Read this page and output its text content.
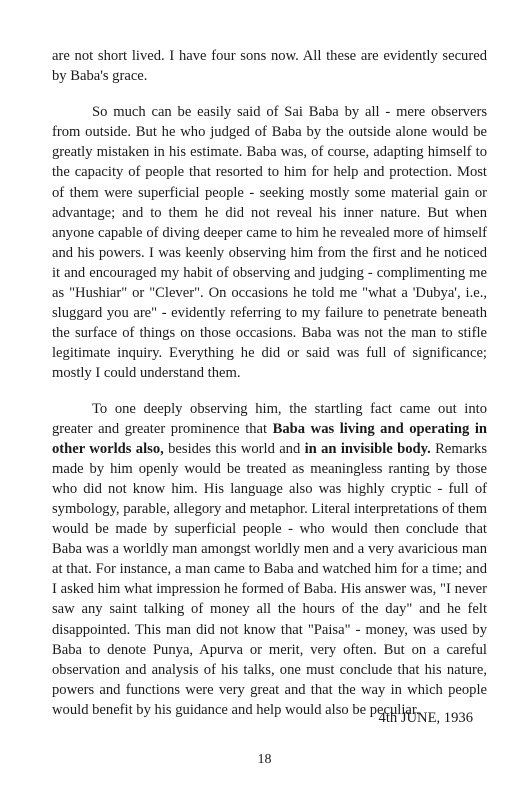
are not short lived. I have four sons now. All these are evidently secured by Baba's grace.

So much can be easily said of Sai Baba by all - mere observers from outside. But he who judged of Baba by the outside alone would be greatly mistaken in his estimate. Baba was, of course, adapting himself to the capacity of people that resorted to him for help and protection. Most of them were superficial people - seeking mostly some material gain or advantage; and to them he did not reveal his inner nature. But when anyone capable of diving deeper came to him he revealed more of himself and his powers. I was keenly observing him from the first and he noticed it and encouraged my habit of observing and judging - complimenting me as "Hushiar" or "Clever". On occasions he told me "what a 'Dubya', i.e., sluggard you are" - evidently referring to my failure to penetrate beneath the surface of things on those occasions. Baba was not the man to stifle legitimate inquiry. Everything he did or said was full of significance; mostly I could understand them.

To one deeply observing him, the startling fact came out into greater and greater prominence that Baba was living and operating in other worlds also, besides this world and in an invisible body. Remarks made by him openly would be treated as meaningless ranting by those who did not know him. His language also was highly cryptic - full of symbology, parable, allegory and metaphor. Literal interpretations of them would be made by superficial people - who would then conclude that Baba was a worldly man amongst worldly men and a very avaricious man at that. For instance, a man came to Baba and watched him for a time; and I asked him what impression he formed of Baba. His answer was, "I never saw any saint talking of money all the hours of the day" and he felt disappointed. This man did not know that "Paisa" - money, was used by Baba to denote Punya, Apurva or merit, very often. But on a careful observation and analysis of his talks, one must conclude that his nature, powers and functions were very great and that the way in which people would benefit by his guidance and help would also be peculiar.

4th JUNE, 1936
18
